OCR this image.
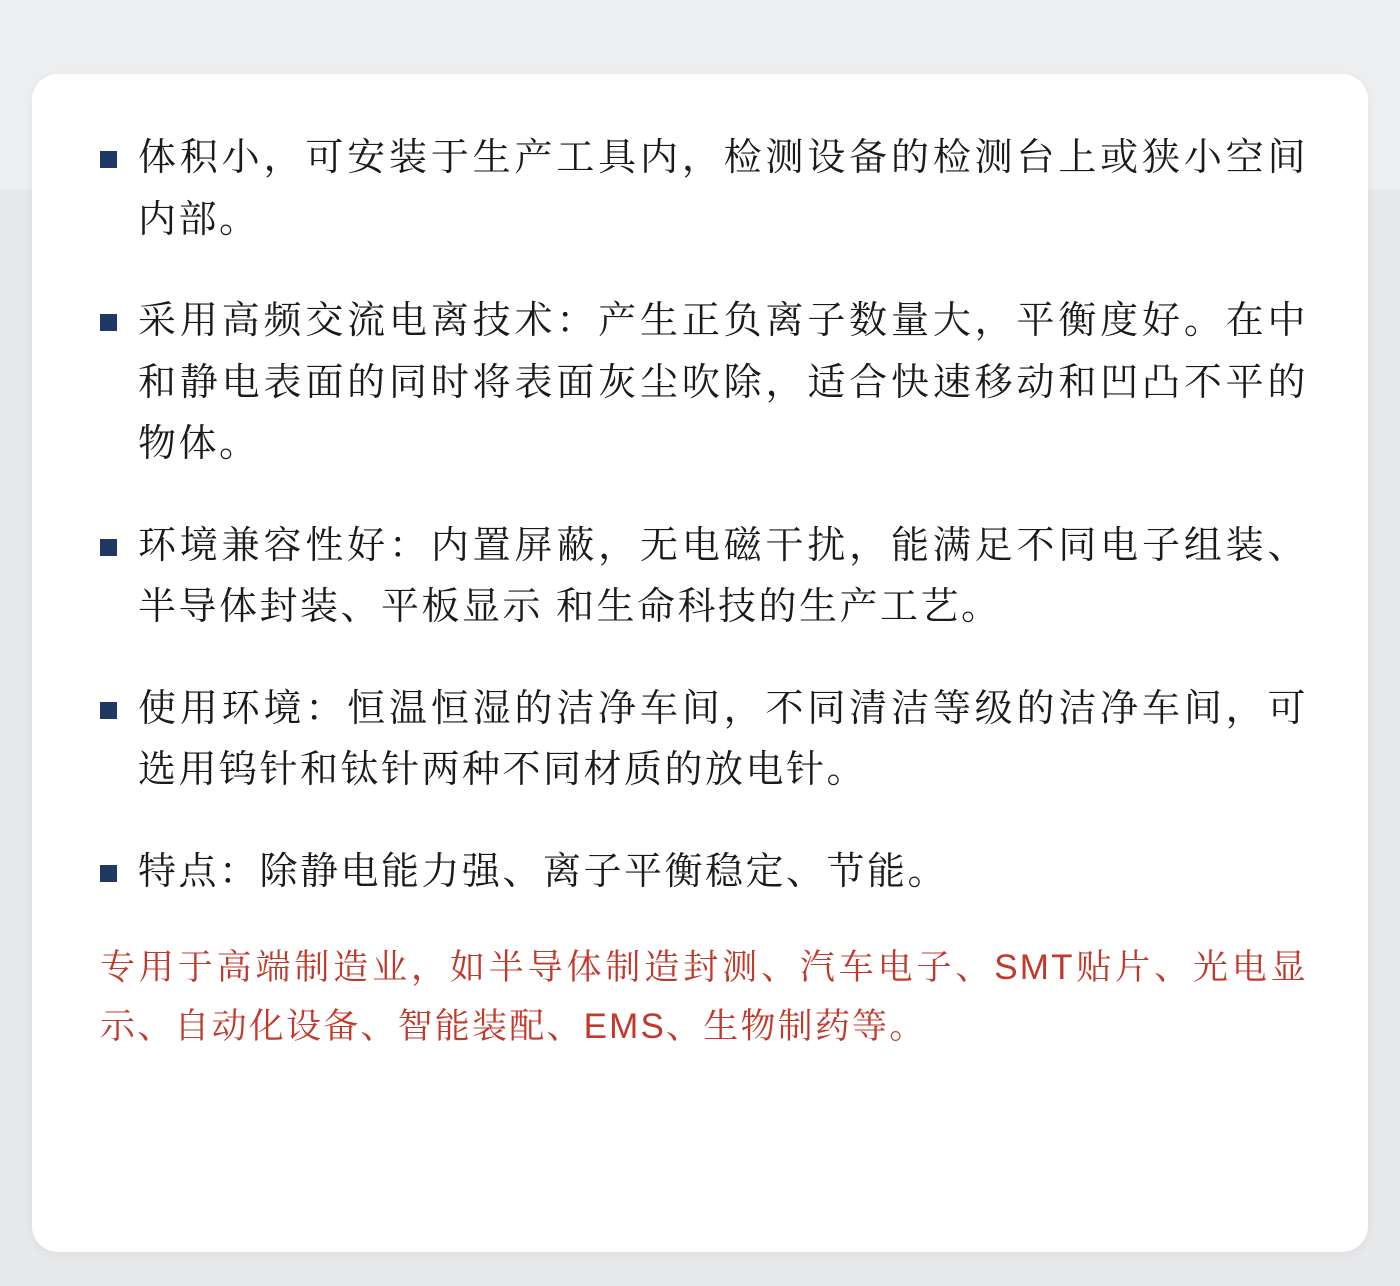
体积小，可安装于生产工具内，检测设备的检测台上或狭小空间内部。
采用高频交流电离技术：产生正负离子数量大，平衡度好。在中和静电表面的同时将表面灰尘吹除，适合快速移动和凹凸不平的物体。
环境兼容性好：内置屏蔽，无电磁干扰，能满足不同电子组装、半导体封装、平板显示 和生命科技的生产工艺。
使用环境：恒温恒湿的洁净车间，不同清洁等级的洁净车间，可选用钨针和钛针两种不同材质的放电针。
特点：除静电能力强、离子平衡稳定、节能。

专用于高端制造业，如半导体制造封测、汽车电子、SMT贴片、光电显示、自动化设备、智能装配、EMS、生物制药等。
